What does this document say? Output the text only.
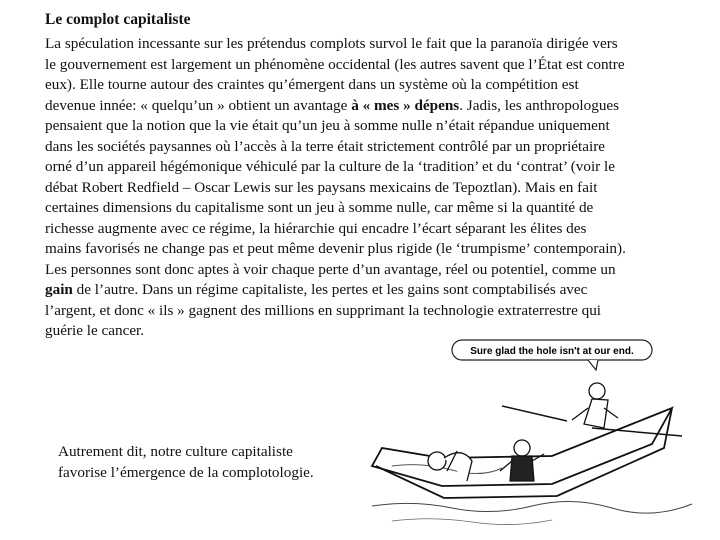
Le complot capitaliste

La spéculation incessante sur les prétendus complots survol le fait que la paranoïa dirigée vers

le gouvernement est largement un phénomène occidental (les autres savent que l’État est contre

eux). Elle tourne autour des craintes qu’émergent dans un système où la compétition est

devenue innée: « quelqu’un » obtient un avantage à « mes » dépens. Jadis, les anthropologues

pensaient que la notion que la vie était qu’un jeu à somme nulle n’était répandue uniquement

dans les sociétés paysannes où l’accès à la terre était strictement contrôlé par un propriétaire

orné d’un appareil hégémonique véhiculé par la culture de la ‘tradition’ et du ‘contrat’ (voir le

débat Robert Redfield – Oscar Lewis sur les paysans mexicains de Tepoztlan). Mais en fait

certaines dimensions du capitalisme sont un jeu à somme nulle, car même si la quantité de

richesse augmente avec ce régime, la hiérarchie qui encadre l’écart séparant les élites des

mains favorisés ne change pas et peut même devenir plus rigide (le ‘trumpisme’ contemporain).

Les personnes sont donc aptes à voir chaque perte d’un avantage, réel ou potentiel, comme un

gain de l’autre. Dans un régime capitaliste, les pertes et les gains sont comptabilisés avec

l’argent, et donc « ils » gagnent des millions en supprimant la technologie extraterrestre qui

guérie le cancer.

Autrement dit, notre culture capitaliste

favorise l’émergence de la complotologie.

Sure glad the hole isn't at our end.
